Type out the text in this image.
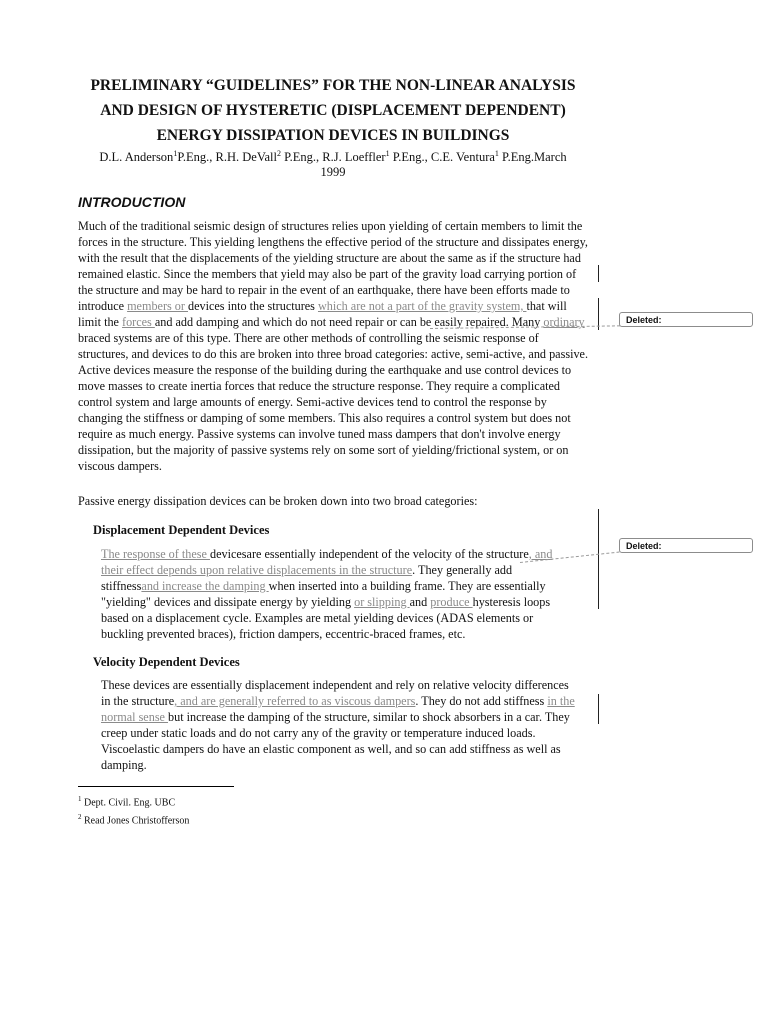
PRELIMINARY “GUIDELINES” FOR THE NON-LINEAR ANALYSIS
AND DESIGN OF HYSTERETIC (DISPLACEMENT DEPENDENT)
ENERGY DISSIPATION DEVICES IN BUILDINGS
D.L. Anderson$^1$P.Eng., R.H. DeVall$^2$ P.Eng., R.J. Loeffler$^1$ P.Eng., C.E. Ventura$^1$ P.Eng.March
1999
INTRODUCTION

Much of the traditional seismic design of structures relies upon yielding of certain members to limit the forces in the structure. This yielding lengthens the effective period of the structure and dissipates energy, with the result that the displacements of the yielding structure are about the same as if the structure had remained elastic. Since the members that yield may also be part of the gravity load carrying portion of the structure and may be hard to repair in the event of an earthquake, there have been efforts made to introduce members or devices into the structures which are not a part of the gravity system, that will limit the forces and add damping and which do not need repair or can be easily repaired. Many ordinary braced systems are of this type. There are other methods of controlling the seismic response of structures, and devices to do this are broken into three broad categories: active, semi-active, and passive. Active devices measure the response of the building during the earthquake and use control devices to move masses to create inertia forces that reduce the structure response. They require a complicated control system and large amounts of energy. Semi-active devices tend to control the response by changing the stiffness or damping of some members. This also requires a control system but does not require as much energy. Passive systems can involve tuned mass dampers that don't involve energy dissipation, but the majority of passive systems rely on some sort of yielding/frictional system, or on viscous dampers.

Passive energy dissipation devices can be broken down into two broad categories:

Displacement Dependent Devices

The response of these devicesare essentially independent of the velocity of the structure, and their effect depends upon relative displacements in the structure. They generally add stiffnessand increase the damping when inserted into a building frame. They are essentially "yielding" devices and dissipate energy by yielding or slipping and produce hysteresis loops based on a displacement cycle. Examples are metal yielding devices (ADAS elements or buckling prevented braces), friction dampers, eccentric-braced frames, etc.

Velocity Dependent Devices

These devices are essentially displacement independent and rely on relative velocity differences in the structure, and are generally referred to as viscous dampers. They do not add stiffness in the normal sense but increase the damping of the structure, similar to shock absorbers in a car. They creep under static loads and do not carry any of the gravity or temperature induced loads. Viscoelastic dampers do have an elastic component as well, and so can add stiffness as well as damping.

$^1$ Dept. Civil. Eng. UBC
$^2$ Read Jones Christofferson
Deleted:
Deleted:
